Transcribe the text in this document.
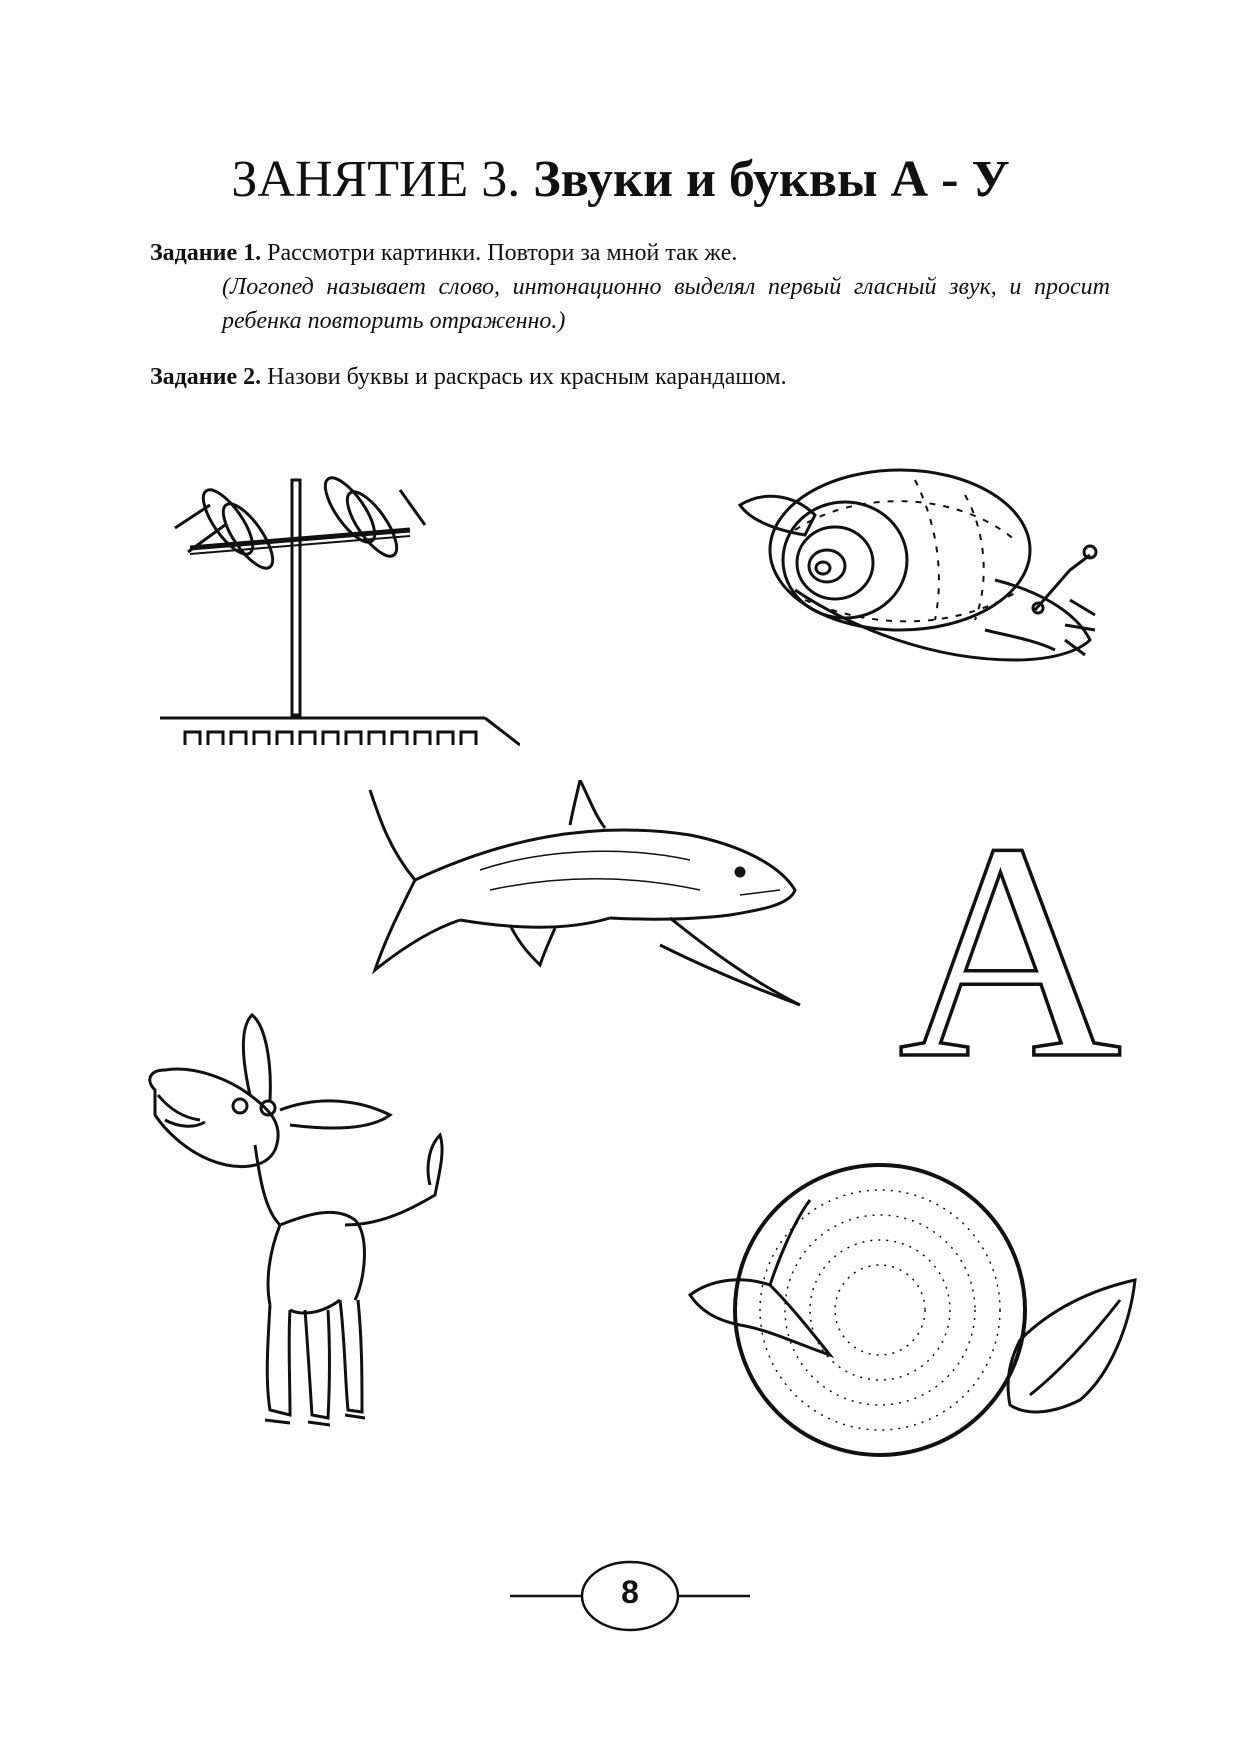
ЗАНЯТИЕ 3. Звуки и буквы А - У
Задание 1. Рассмотри картинки. Повтори за мной так же.
(Логопед называет слово, интонационно выделял первый гласный звук, и просит ребенка повторить отраженно.)
Задание 2. Назови буквы и раскрась их красным карандашом.
А
8
